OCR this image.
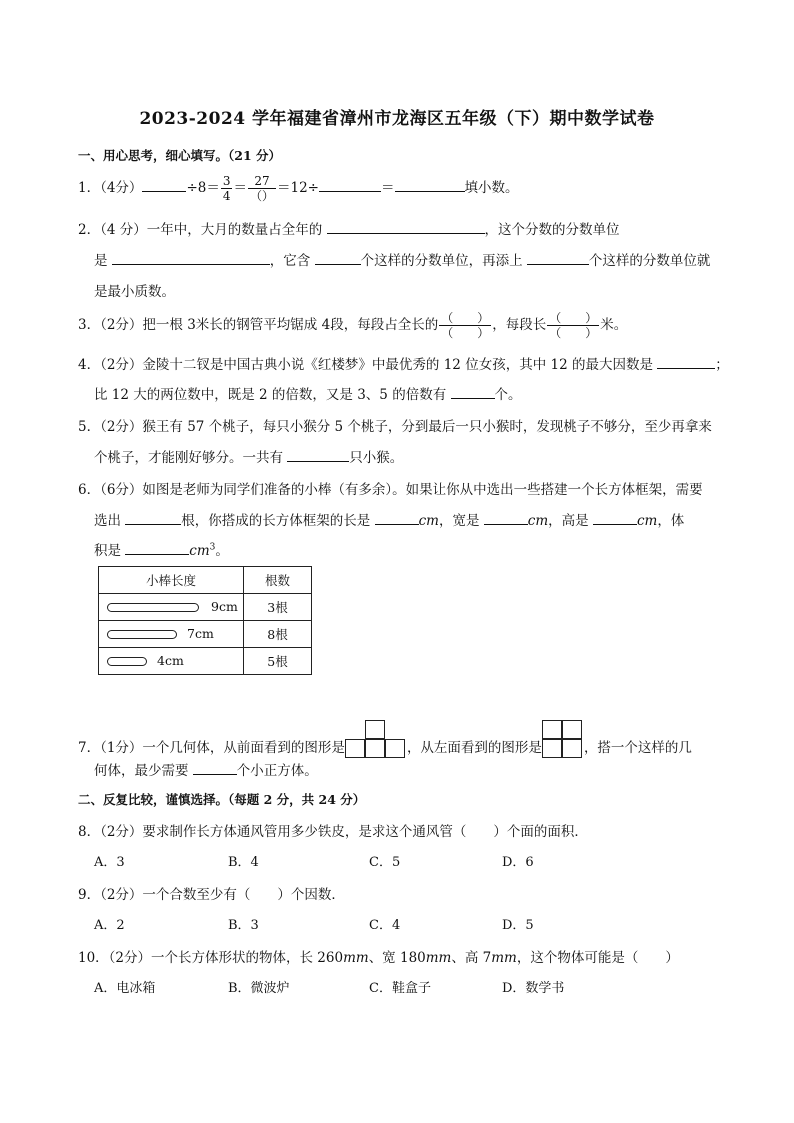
2023-2024 学年福建省漳州市龙海区五年级（下）期中数学试卷
一、用心思考，细心填写。（21 分）
1．（4分）	$\div 8= \frac{3}{4} = \frac{27}{()} =12\div$	＝	填小数。
2．（4 分）一年中，大月的数量占全年的	，这个分数的分数单位
是	，它含	个这样的分数单位，再添上	个这样的分数单位就
是最小质数。
3．（2分）把一根 3米长的钢管平均锯成 4段，每段占全长的 $\frac{( )}{( )}$ ，每段长 $\frac{( )}{( )}$ 米。
4．（2分）金陵十二钗是中国古典小说《红楼梦》中最优秀的 12 位女孩，其中 12 的最大因数是	；
比 12 大的两位数中，既是 2 的倍数，又是 3、5 的倍数有	个。
5．（2分）猴王有 57 个桃子，每只小猴分 5 个桃子，分到最后一只小猴时，发现桃子不够分，至少再拿来
个桃子，才能刚好够分。一共有	只小猴。
6．（6分）如图是老师为同学们准备的小棒（有多余）。如果让你从中选出一些搭建一个长方体框架，需要
选出	根，你搭成的长方体框架的长是	cm，宽是	cm，高是	cm，体
积是	$cm^3$。
小棒长度	根数

9cm	3根

7cm	8根

4cm	5根
7．（1分）一个几何体，从前面看到的图形是	，从左面看到的图形是	，搭一个这样的几
何体，最少需要	个小正方体。
二、反复比较，谨慎选择。（每题 2 分，共 24 分）
8．（2分）要求制作长方体通风管用多少铁皮，是求这个通风管（　　）个面的面积．
A．3	B．4	C．5	D．6
9．（2分）一个合数至少有（　　）个因数．
A．2	B．3	C．4	D．5
10．（2分）一个长方体形状的物体，长 260mm、宽 180mm、高 7mm，这个物体可能是（　　）
A．电冰箱	B．微波炉	C．鞋盒子	D．数学书
